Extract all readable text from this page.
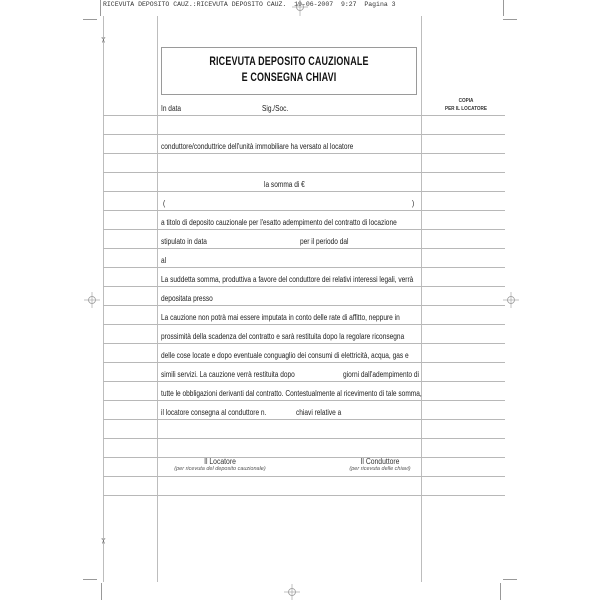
RICEVUTA DEPOSITO CAUZ.:RICEVUTA DEPOSITO CAUZ.  19-06-2007  9:27  Pagina 3
✂
✂
RICEVUTA DEPOSITO CAUZIONALE
E CONSEGNA CHIAVI
COPIA
PER IL LOCATORE
In data	Sig./Soc.
conduttore/conduttrice dell'unità immobiliare ha versato al locatore
la somma di €
(	)
a titolo di deposito cauzionale per l'esatto adempimento del contratto di locazione
stipulato in data	per il periodo dal
al
La suddetta somma, produttiva a favore del conduttore dei relativi interessi legali, verrà
depositata presso
La cauzione non potrà mai essere imputata in conto delle rate di affitto, neppure in
prossimità della scadenza del contratto e sarà restituita dopo la regolare riconsegna
delle cose locate e dopo eventuale conguaglio dei consumi di elettricità, acqua, gas e
simili servizi. La cauzione verrà restituita dopo	giorni dall'adempimento di
tutte le obbligazioni derivanti dal contratto. Contestualmente al ricevimento di tale somma,
il locatore consegna al conduttore n.	chiavi relative a
Il Locatore
(per ricevuta del deposito cauzionale)
Il Conduttore
(per ricevuta delle chiavi)
